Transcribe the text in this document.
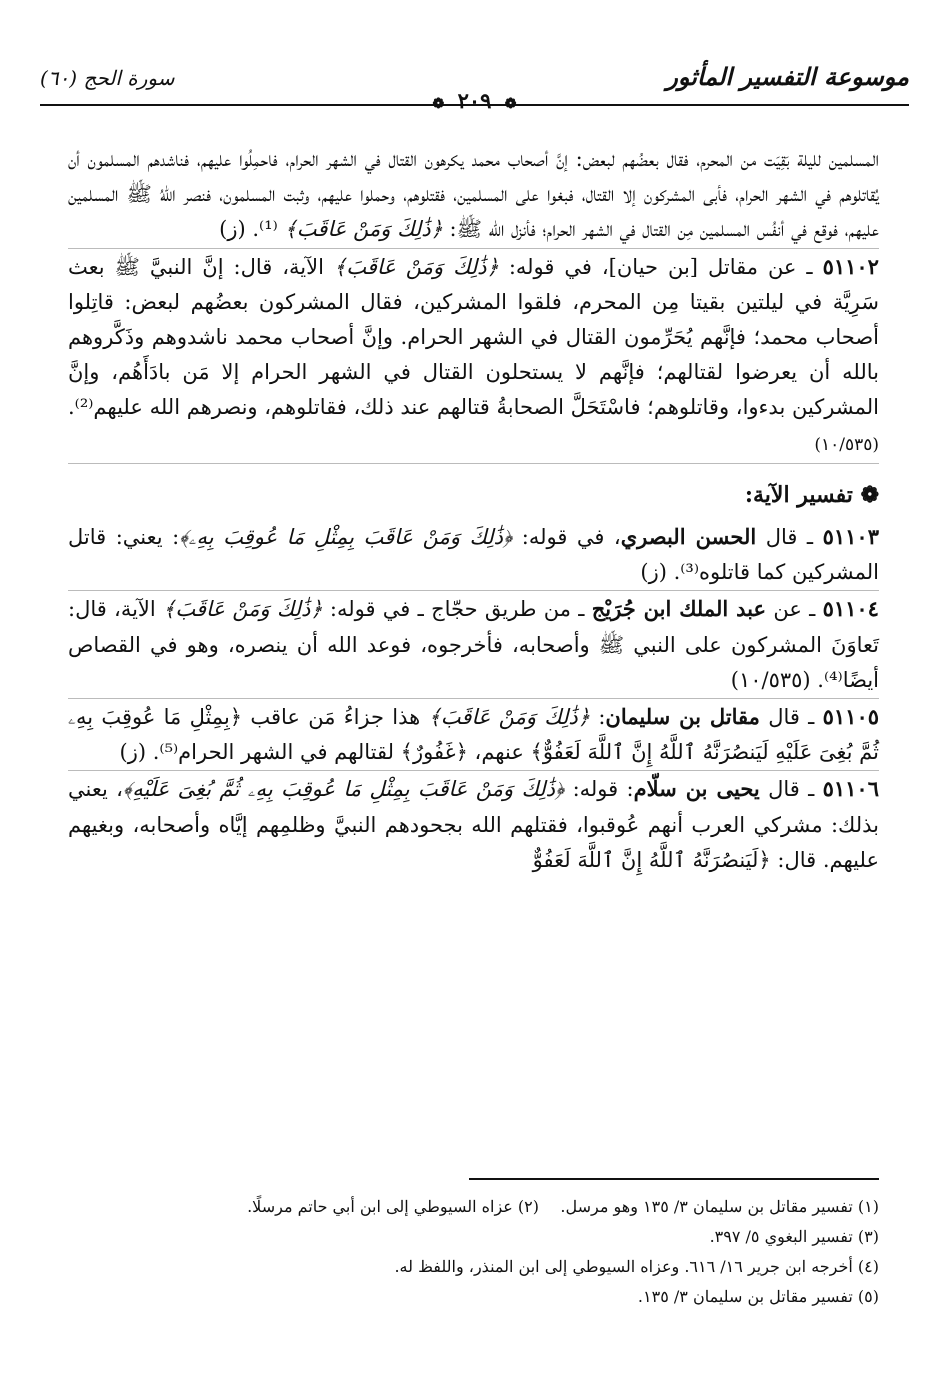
موسوعة التفسير المأثور
سورة الحج (٦٠)
❁ ٢٠٩ ❁

المسلمين لليلة بَقِيَت من المحرم، فقال بعضُهم لبعض: إنَّ أصحاب محمد يكرهون القتال في الشهر الحرام، فاحمِلُوا عليهم، فناشدهم المسلمون أن يُقاتلوهم في الشهر الحرام، فأبى المشركون إلا القتال، فبغوا على المسلمين، فقتلوهم، وحملوا عليهم، وثبت المسلمون، فنصر اللهُ ﷺ المسلمين عليهم، فوقع في أنفُس المسلمين مِن القتال في الشهر الحرام؛ فأنزل الله ﷺ: ﴿ذَٰلِكَ وَمَنْ عَاقَبَ﴾ ⁽¹⁾. (ز)

٥١١٠٢ ـ عن مقاتل [بن حيان]، في قوله: ﴿ذَٰلِكَ وَمَنْ عَاقَبَ﴾ الآية، قال: إنَّ النبيَّ ﷺ بعث سَرِيَّة في ليلتين بقيتا مِن المحرم، فلقوا المشركين، فقال المشركون بعضُهم لبعض: قاتِلوا أصحاب محمد؛ فإنَّهم يُحَرِّمون القتال في الشهر الحرام. وإنَّ أصحاب محمد ناشدوهم وذَكَّروهم بالله أن يعرضوا لقتالهم؛ فإنَّهم لا يستحلون القتال في الشهر الحرام إلا مَن بادَأَهُم، وإنَّ المشركين بدءوا، وقاتلوهم؛ فاسْتَحَلَّ الصحابةُ قتالهم عند ذلك، فقاتلوهم، ونصرهم الله عليهم⁽²⁾. (١٠/٥٣٥)

❁ تفسير الآية:

٥١١٠٣ ـ قال الحسن البصري، في قوله: ﴿ذَٰلِكَ وَمَنْ عَاقَبَ بِمِثْلِ مَا عُوقِبَ بِهِۦ﴾: يعني: قاتل المشركين كما قاتلوه⁽³⁾. (ز)

٥١١٠٤ ـ عن عبد الملك ابن جُرَيْج ـ من طريق حجّاج ـ في قوله: ﴿ذَٰلِكَ وَمَنْ عَاقَبَ﴾ الآية، قال: تَعاوَنَ المشركون على النبي ﷺ وأصحابه، فأخرجوه، فوعد الله أن ينصره، وهو في القصاص أيضًا⁽⁴⁾. (١٠/٥٣٥)

٥١١٠٥ ـ قال مقاتل بن سليمان: ﴿ذَٰلِكَ وَمَنْ عَاقَبَ﴾ هذا جزاءُ مَن عاقب ﴿بِمِثْلِ مَا عُوقِبَ بِهِۦ ثُمَّ بُغِىَ عَلَيْهِ لَيَنصُرَنَّهُ ٱللَّهُ إِنَّ ٱللَّهَ لَعَفُوٌّ﴾ عنهم، ﴿غَفُورٌ﴾ لقتالهم في الشهر الحرام⁽⁵⁾. (ز)

٥١١٠٦ ـ قال يحيى بن سلّام: قوله: ﴿ذَٰلِكَ وَمَنْ عَاقَبَ بِمِثْلِ مَا عُوقِبَ بِهِۦ ثُمَّ بُغِىَ عَلَيْهِ﴾، يعني بذلك: مشركي العرب أنهم عُوقبوا، فقتلهم الله بجحودهم النبيَّ وظلمِهم إيَّاه وأصحابه، وبغيهم عليهم. قال: ﴿لَيَنصُرَنَّهُ ٱللَّهُ إِنَّ ٱللَّهَ لَعَفُوٌّ

(١) تفسير مقاتل بن سليمان ٣/ ١٣٥ وهو مرسل.
(٢) عزاه السيوطي إلى ابن أبي حاتم مرسلًا.
(٣) تفسير البغوي ٥/ ٣٩٧.
(٤) أخرجه ابن جرير ١٦/ ٦١٦. وعزاه السيوطي إلى ابن المنذر، واللفظ له.
(٥) تفسير مقاتل بن سليمان ٣/ ١٣٥.
